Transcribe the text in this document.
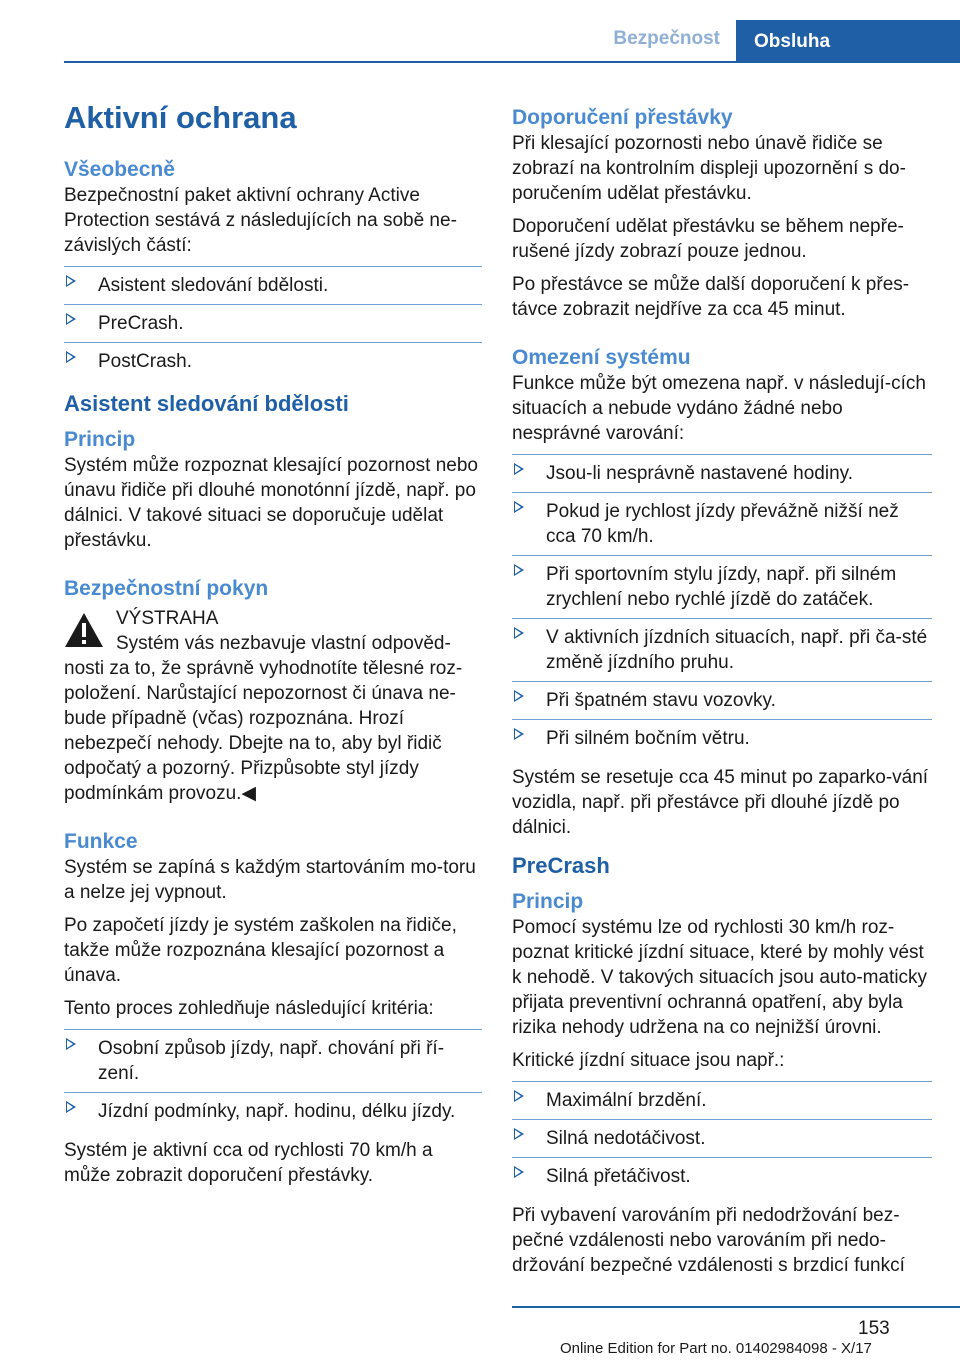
Bezpečnost	Obsluha
Aktivní ochrana
Všeobecně

Bezpečnostní paket aktivní ochrany Active Protection sestává z následujících na sobě ne‐závislých částí:

Asistent sledování bdělosti.
PreCrash.
PostCrash.
Asistent sledování bdělosti
Princip

Systém může rozpoznat klesající pozornost nebo únavu řidiče při dlouhé monotónní jízdě, např. po dálnici. V takové situaci se doporučuje udělat přestávku.

Bezpečnostní pokyn
VÝSTRAHA

Systém vás nezbavuje vlastní odpověd‐nosti za to, že správně vyhodnotíte tělesné roz‐položení. Narůstající nepozornost či únava ne‐bude případně (včas) rozpoznána. Hrozí nebezpečí nehody. Dbejte na to, aby byl řidič odpočatý a pozorný. Přizpůsobte styl jízdy podmínkám provozu.◀

Funkce

Systém se zapíná s každým startováním mo‐toru a nelze jej vypnout.

Po započetí jízdy je systém zaškolen na řidiče, takže může rozpoznána klesající pozornost a únava.

Tento proces zohledňuje následující kritéria:

Osobní způsob jízdy, např. chování při ří‐zení.
Jízdní podmínky, např. hodinu, délku jízdy.

Systém je aktivní cca od rychlosti 70 km/h a může zobrazit doporučení přestávky.

Doporučení přestávky

Při klesající pozornosti nebo únavě řidiče se zobrazí na kontrolním displeji upozornění s do‐poručením udělat přestávku.

Doporučení udělat přestávku se během nepře‐rušené jízdy zobrazí pouze jednou.

Po přestávce se může další doporučení k přes‐távce zobrazit nejdříve za cca 45 minut.

Omezení systému

Funkce může být omezena např. v následují‐cích situacích a nebude vydáno žádné nebo nesprávné varování:

Jsou-li nesprávně nastavené hodiny.
Pokud je rychlost jízdy převážně nižší než cca 70 km/h.
Při sportovním stylu jízdy, např. při silném zrychlení nebo rychlé jízdě do zatáček.
V aktivních jízdních situacích, např. při ča‐sté změně jízdního pruhu.
Při špatném stavu vozovky.
Při silném bočním větru.

Systém se resetuje cca 45 minut po zaparko‐vání vozidla, např. při přestávce při dlouhé jízdě po dálnici.

PreCrash
Princip

Pomocí systému lze od rychlosti 30 km/h roz‐poznat kritické jízdní situace, které by mohly vést k nehodě. V takových situacích jsou auto‐maticky přijata preventivní ochranná opatření, aby byla rizika nehody udržena na co nejnižší úrovni.

Kritické jízdní situace jsou např.:

Maximální brzdění.
Silná nedotáčivost.
Silná přetáčivost.

Při vybavení varováním při nedodržování bez‐pečné vzdálenosti nebo varováním při nedo‐držování bezpečné vzdálenosti s brzdicí funkcí

153
Online Edition for Part no. 01402984098 - X/17
